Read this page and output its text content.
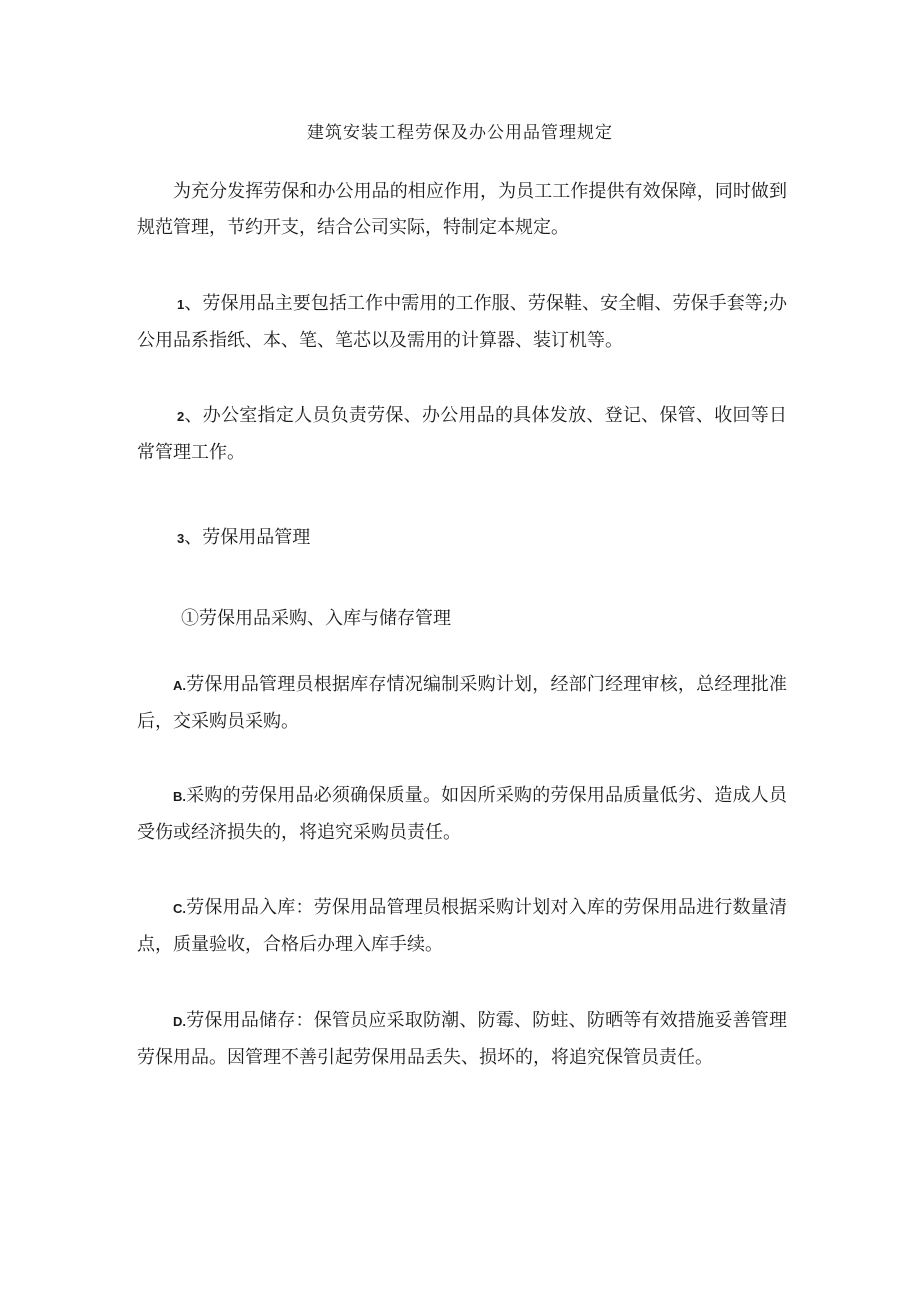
建筑安装工程劳保及办公用品管理规定

为充分发挥劳保和办公用品的相应作用，为员工工作提供有效保障，同时做到规范管理，节约开支，结合公司实际，特制定本规定。

1、劳保用品主要包括工作中需用的工作服、劳保鞋、安全帽、劳保手套等;办公用品系指纸、本、笔、笔芯以及需用的计算器、装订机等。

2、办公室指定人员负责劳保、办公用品的具体发放、登记、保管、收回等日常管理工作。

3、劳保用品管理

①劳保用品采购、入库与储存管理

A.劳保用品管理员根据库存情况编制采购计划，经部门经理审核，总经理批准后，交采购员采购。

B.采购的劳保用品必须确保质量。如因所采购的劳保用品质量低劣、造成人员受伤或经济损失的，将追究采购员责任。

C.劳保用品入库：劳保用品管理员根据采购计划对入库的劳保用品进行数量清点，质量验收，合格后办理入库手续。

D.劳保用品储存：保管员应采取防潮、防霉、防蛀、防晒等有效措施妥善管理劳保用品。因管理不善引起劳保用品丢失、损坏的，将追究保管员责任。
